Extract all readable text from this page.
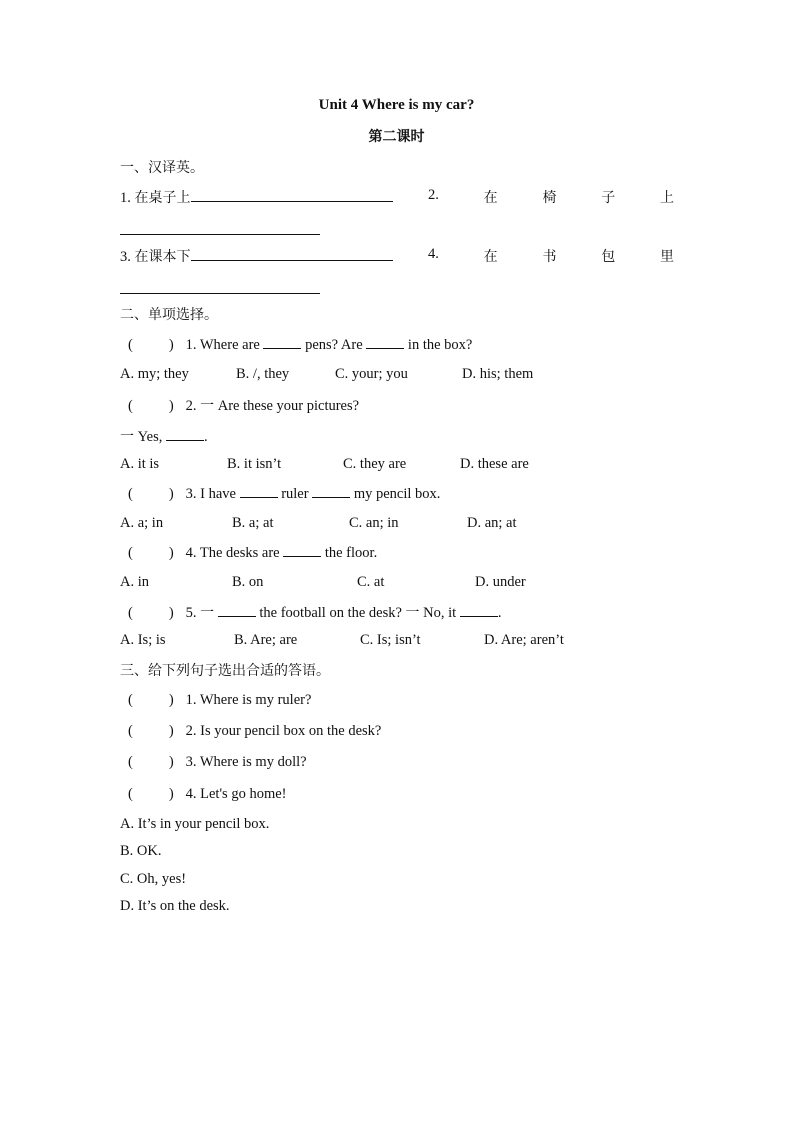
Unit 4 Where is my car?
第二课时
一、汉译英。
1. 在桌子上	2.	在	椅	子	上
3. 在课本下	4.	在	书	包	里
二、单项选择。
( ) 1. Where are	pens? Are	in the box?
A. my; they	B. /, they	C. your; you	D. his; them
( ) 2. 一 Are these your pictures?
一 Yes,	.
A. it is	B. it isn’t	C. they are	D. these are
( ) 3. I have	ruler	my pencil box.
A. a; in	B. a; at	C. an; in	D. an; at
( ) 4. The desks are	the floor.
A. in	B. on	C. at	D. under
( ) 5. 一	the football on the desk? 一 No, it	.
A. Is; is	B. Are; are	C. Is; isn’t	D. Are; aren’t
三、给下列句子选出合适的答语。
( ) 1. Where is my ruler?
( ) 2. Is your pencil box on the desk?
( ) 3. Where is my doll?
( ) 4. Let's go home!
A. It’s in your pencil box.
B. OK.
C. Oh, yes!
D. It’s on the desk.
